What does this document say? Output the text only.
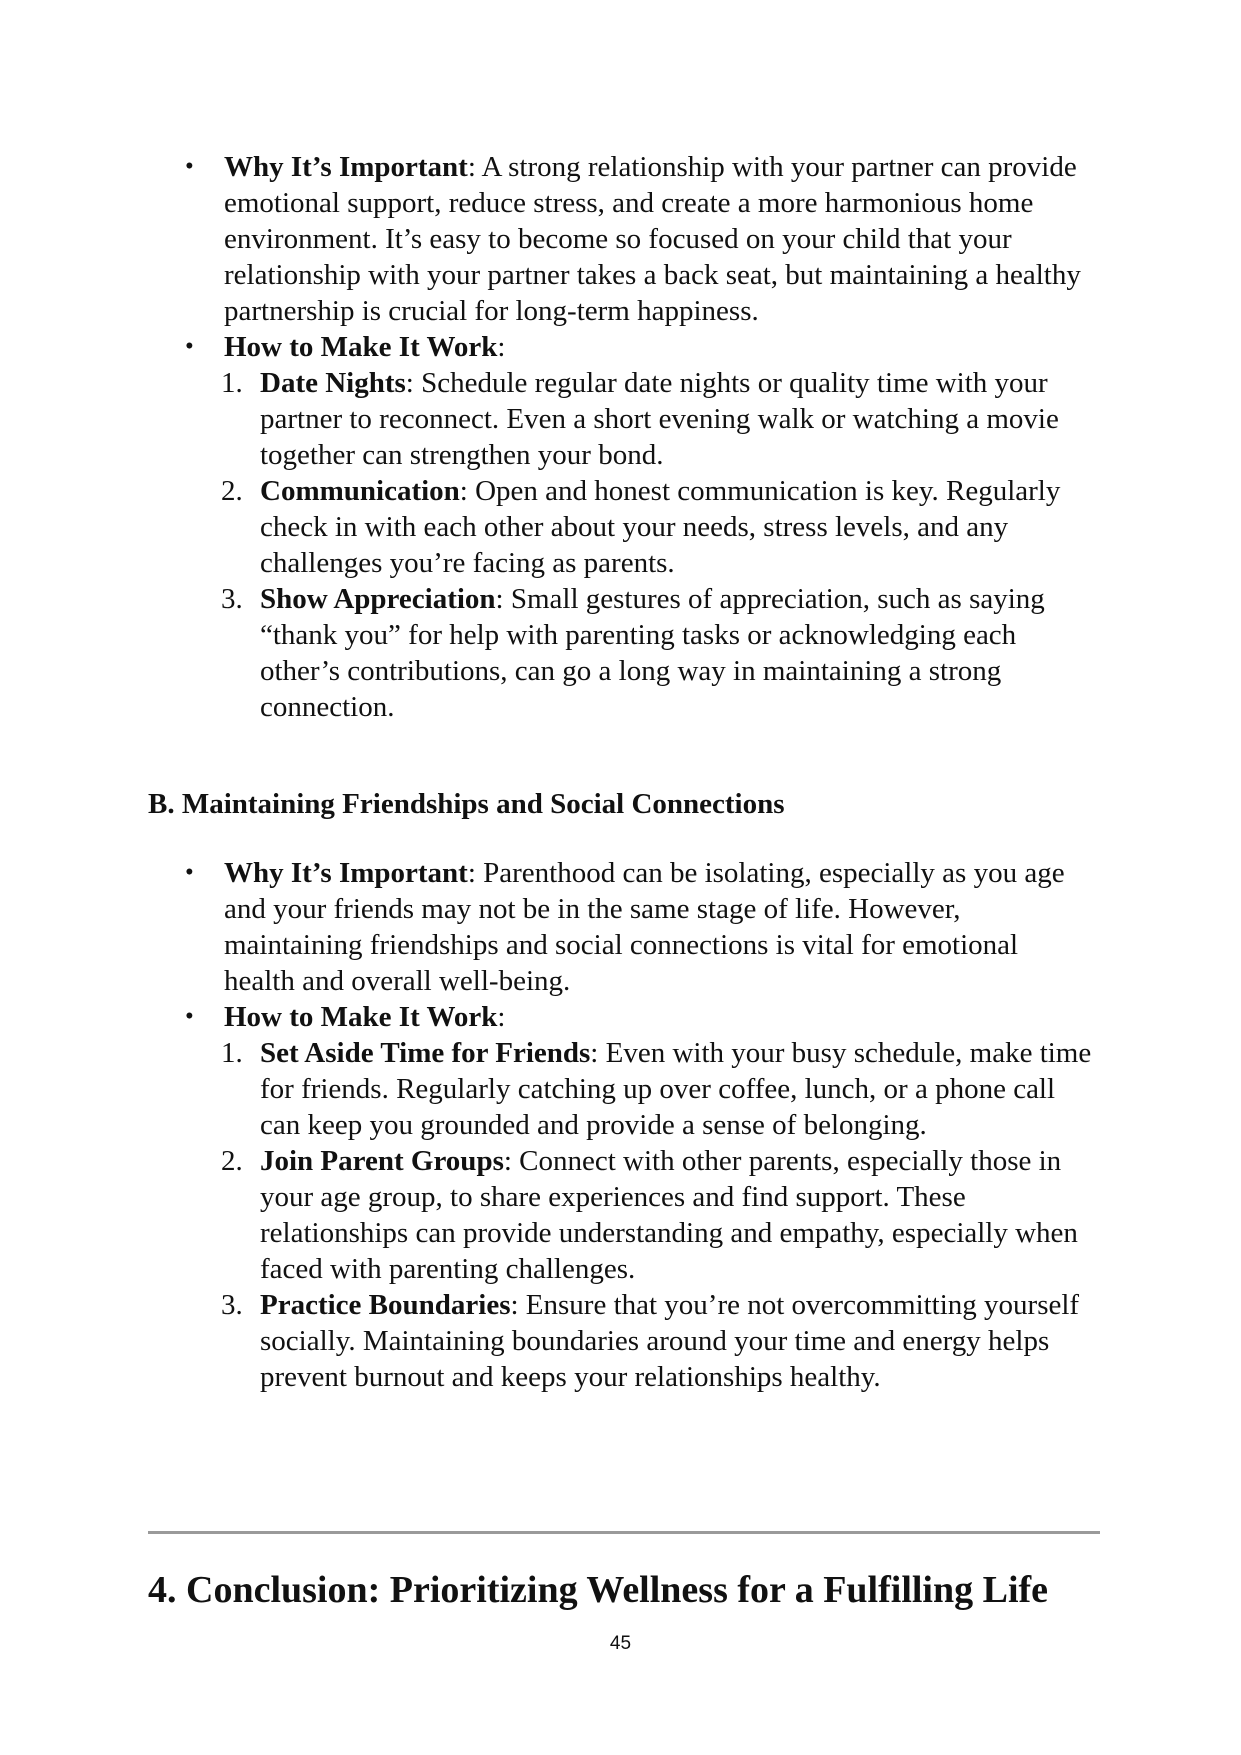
•	Why It’s Important: A strong relationship with your partner can provide emotional support, reduce stress, and create a more harmonious home environment. It’s easy to become so focused on your child that your relationship with your partner takes a back seat, but maintaining a healthy partnership is crucial for long-term happiness.
•	How to Make It Work:
1. Date Nights: Schedule regular date nights or quality time with your partner to reconnect. Even a short evening walk or watching a movie together can strengthen your bond.
2. Communication: Open and honest communication is key. Regularly check in with each other about your needs, stress levels, and any challenges you’re facing as parents.
3. Show Appreciation: Small gestures of appreciation, such as saying “thank you” for help with parenting tasks or acknowledging each other’s contributions, can go a long way in maintaining a strong connection.
B. Maintaining Friendships and Social Connections
•	Why It’s Important: Parenthood can be isolating, especially as you age and your friends may not be in the same stage of life. However, maintaining friendships and social connections is vital for emotional health and overall well-being.
•	How to Make It Work:
1. Set Aside Time for Friends: Even with your busy schedule, make time for friends. Regularly catching up over coffee, lunch, or a phone call can keep you grounded and provide a sense of belonging.
2. Join Parent Groups: Connect with other parents, especially those in your age group, to share experiences and find support. These relationships can provide understanding and empathy, especially when faced with parenting challenges.
3. Practice Boundaries: Ensure that you’re not overcommitting yourself socially. Maintaining boundaries around your time and energy helps prevent burnout and keeps your relationships healthy.
4. Conclusion: Prioritizing Wellness for a Fulfilling Life
45
